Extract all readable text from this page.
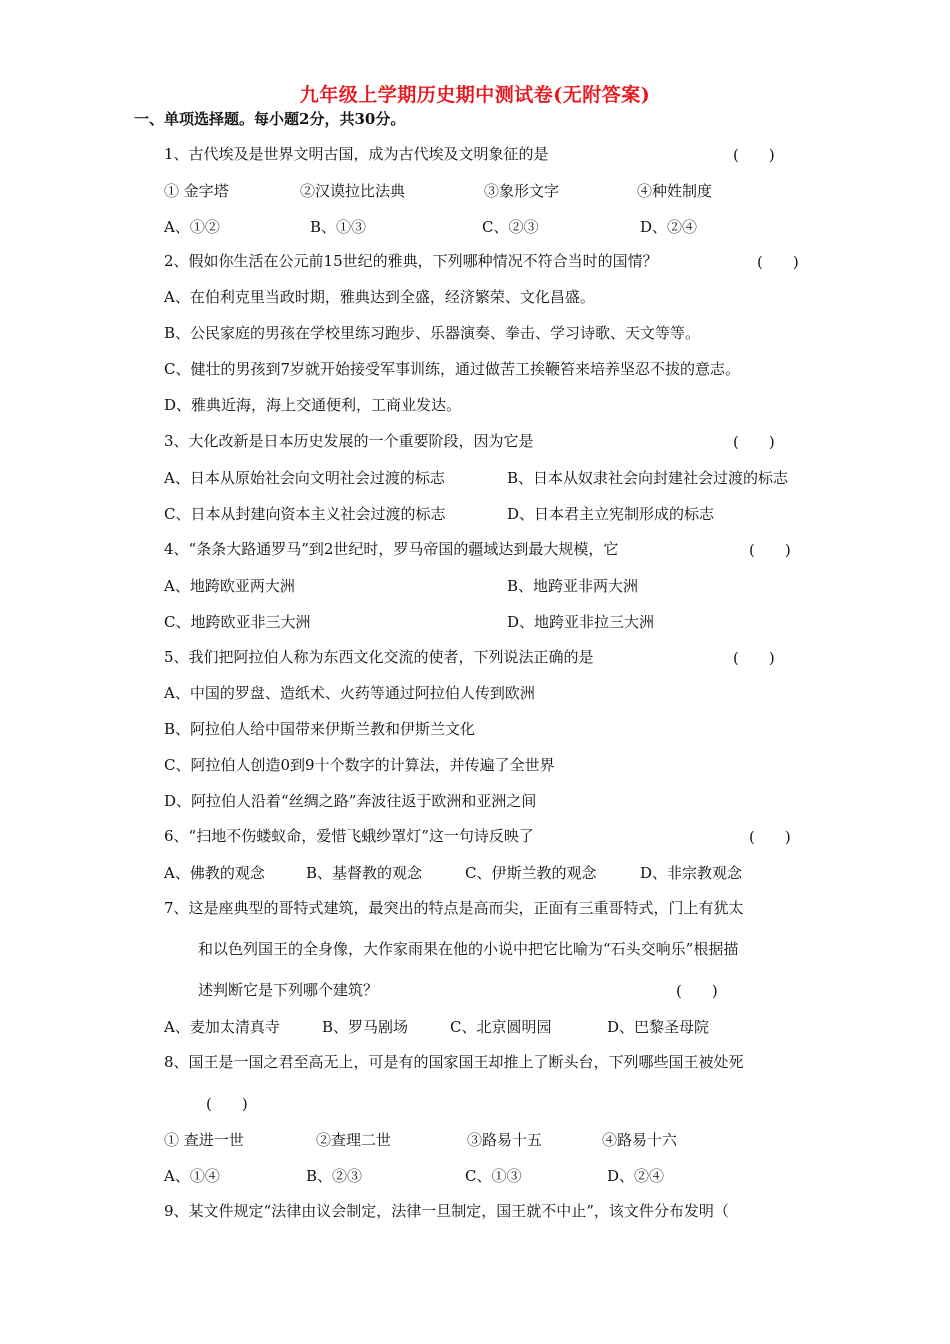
九年级上学期历史期中测试卷(无附答案)
一、单项选择题。每小题2分，共30分。
1、古代埃及是世界文明古国，成为古代埃及文明象征的是	(　　)
① 金字塔	②汉谟拉比法典	③象形文字	④种姓制度
A、①②	B、①③	C、②③	D、②④
2、假如你生活在公元前15世纪的雅典，下列哪种情况不符合当时的国情？	(　　)
A、在伯利克里当政时期，雅典达到全盛，经济繁荣、文化昌盛。
B、公民家庭的男孩在学校里练习跑步、乐器演奏、拳击、学习诗歌、天文等等。
C、健壮的男孩到7岁就开始接受军事训练，通过做苦工挨鞭笞来培养坚忍不拔的意志。
D、雅典近海，海上交通便利，工商业发达。
3、大化改新是日本历史发展的一个重要阶段，因为它是	(　　)
A、日本从原始社会向文明社会过渡的标志	B、日本从奴隶社会向封建社会过渡的标志
C、日本从封建向资本主义社会过渡的标志	D、日本君主立宪制形成的标志
4、“条条大路通罗马”到2世纪时，罗马帝国的疆域达到最大规模，它	(　　)
A、地跨欧亚两大洲	B、地跨亚非两大洲
C、地跨欧亚非三大洲	D、地跨亚非拉三大洲
5、我们把阿拉伯人称为东西文化交流的使者，下列说法正确的是	(　　)
A、中国的罗盘、造纸术、火药等通过阿拉伯人传到欧洲
B、阿拉伯人给中国带来伊斯兰教和伊斯兰文化
C、阿拉伯人创造0到9十个数字的计算法，并传遍了全世界
D、阿拉伯人沿着“丝绸之路”奔波往返于欧洲和亚洲之间
6、“扫地不伤蝼蚁命，爱惜飞蛾纱罩灯”这一句诗反映了	(　　)
A、佛教的观念	B、基督教的观念	C、伊斯兰教的观念	D、非宗教观念
7、这是座典型的哥特式建筑，最突出的特点是高而尖，正面有三重哥特式，门上有犹太
和以色列国王的全身像，大作家雨果在他的小说中把它比喻为“石头交响乐”根据描
述判断它是下列哪个建筑？	(　　)
A、麦加太清真寺	B、罗马剧场	C、北京圆明园	D、巴黎圣母院
8、国王是一国之君至高无上，可是有的国家国王却推上了断头台，下列哪些国王被处死
(　　)
① 查进一世	②查理二世	③路易十五	④路易十六
A、①④	B、②③	C、①③	D、②④
9、某文件规定“法律由议会制定，法律一旦制定，国王就不中止”，该文件分布发明（
